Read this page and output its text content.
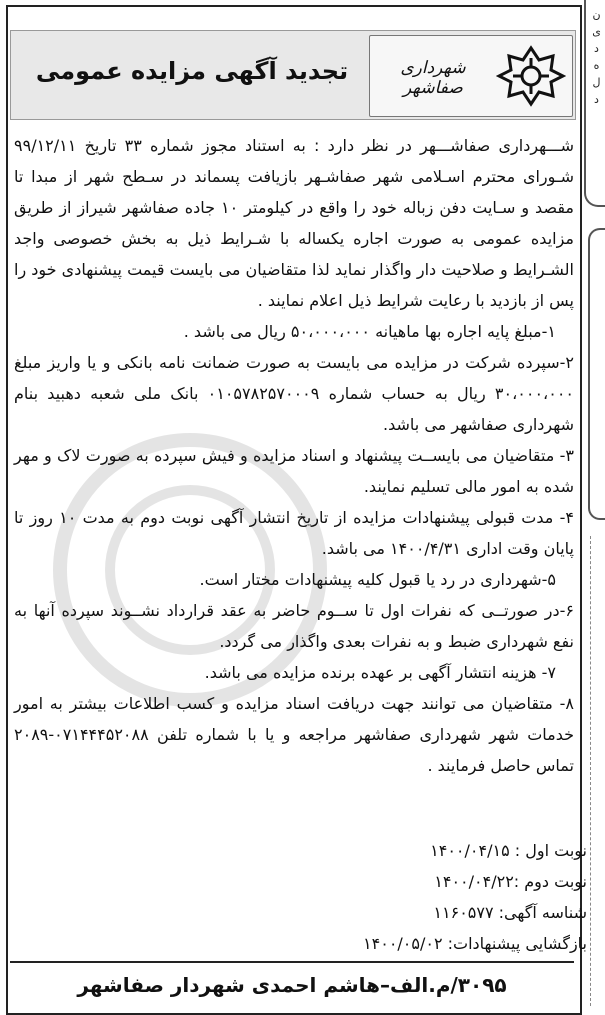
ن
ی
د
ه
ل
د
تجدید آگهی مزایده عمومی	شهرداری صفاشهر

شـــهرداری صفاشـــهر در نظر دارد : به استناد مجوز شماره ۳۳ تاریخ ۹۹/۱۲/۱۱ شـورای محترم اسـلامی شهر صفاشـهر بازیافت پسماند در سـطح شهر از مبدا تا مقصد و سـایت دفن زباله خود را واقع در کیلومتر ۱۰ جاده صفاشهر شیراز از طریق مزایده عمومی به صورت اجاره یکساله با شـرایط ذیل به بخش خصوصی واجد الشـرایط و صلاحیت دار واگذار نماید لذا متقاضیان می بایست قیمت پیشنهادی خود را پس از بازدید با رعایت شرایط ذیل اعلام نمایند .

۱-مبلغ پایه اجاره بها ماهیانه ۵۰،۰۰۰،۰۰۰ ریال می باشد .

۲-سپرده شرکت در مزایده می بایست به صورت ضمانت نامه بانکی و یا واریز مبلغ ۳۰،۰۰۰،۰۰۰ ریال به حساب شماره ۰۱۰۵۷۸۲۵۷۰۰۰۹ بانک ملی شعبه دهبید بنام شهرداری صفاشهر می باشد.

۳- متقاضیان می بایســت پیشنهاد و اسناد مزایده و فیش سپرده به صورت لاک و مهر شده به امور مالی تسلیم نمایند.

۴- مدت قبولی پیشنهادات مزایده از تاریخ انتشار آگهی نوبت دوم به مدت ۱۰ روز تا پایان وقت اداری ۱۴۰۰/۴/۳۱ می باشد.

۵-شهرداری در رد یا قبول کلیه پیشنهادات مختار است.

۶-در صورتــی که نفرات اول تا ســوم حاضر به عقد قرارداد نشــوند سپرده آنها به نفع شهرداری ضبط و به نفرات بعدی واگذار می گردد.

۷- هزینه انتشار آگهی بر عهده برنده مزایده می باشد.

۸- متقاضیان می توانند جهت دریافت اسناد مزایده و کسب اطلاعات بیشتر به امور خدمات شهر شهرداری صفاشهر مراجعه و یا با شماره تلفن ۰۷۱۴۴۴۵۲۰۸۸-۲۰۸۹ تماس حاصل فرمایند .

نوبت اول : ۱۴۰۰/۰۴/۱۵
نوبت دوم :۱۴۰۰/۰۴/۲۲
شناسه آگهی: ۱۱۶۰۵۷۷
بازگشایی پیشنهادات: ۱۴۰۰/۰۵/۰۲
۳۰۹۵/م.الف–هاشم احمدی شهردار صفاشهر
